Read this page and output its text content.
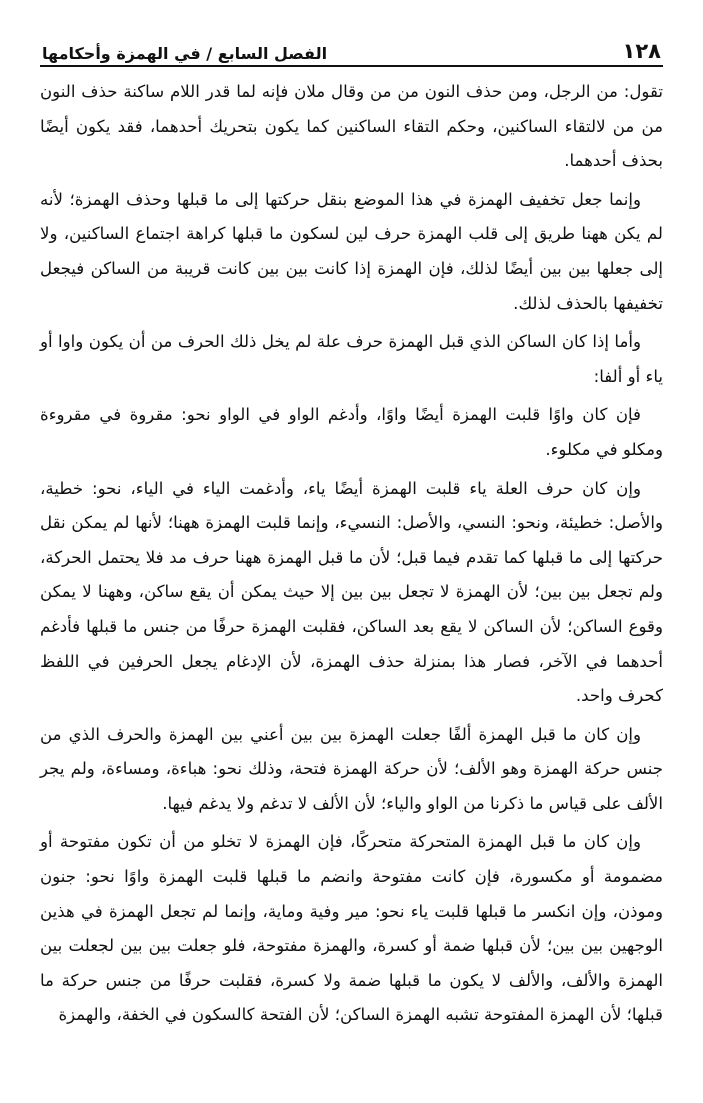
١٢٨
الفصل السابع / في الهمزة وأحكامها

تقول: من الرجل، ومن حذف النون من من وقال ملان فإنه لما قدر اللام ساكنة حذف النون من من لالتقاء الساكنين، وحكم التقاء الساكنين كما يكون بتحريك أحدهما، فقد يكون أيضًا بحذف أحدهما.

وإنما جعل تخفيف الهمزة في هذا الموضع بنقل حركتها إلى ما قبلها وحذف الهمزة؛ لأنه لم يكن ههنا طريق إلى قلب الهمزة حرف لين لسكون ما قبلها كراهة اجتماع الساكنين، ولا إلى جعلها بين بين أيضًا لذلك، فإن الهمزة إذا كانت بين بين كانت قريبة من الساكن فيجعل تخفيفها بالحذف لذلك.

وأما إذا كان الساكن الذي قبل الهمزة حرف علة لم يخل ذلك الحرف من أن يكون واوا أو ياء أو ألفا:

فإن كان واوًا قلبت الهمزة أيضًا واوًا، وأدغم الواو في الواو نحو: مقروة في مقروءة ومكلو في مكلوء.

وإن كان حرف العلة ياء قلبت الهمزة أيضًا ياء، وأدغمت الياء في الياء، نحو: خطية، والأصل: خطيئة، ونحو: النسي، والأصل: النسيء، وإنما قلبت الهمزة ههنا؛ لأنها لم يمكن نقل حركتها إلى ما قبلها كما تقدم فيما قبل؛ لأن ما قبل الهمزة ههنا حرف مد فلا يحتمل الحركة، ولم تجعل بين بين؛ لأن الهمزة لا تجعل بين بين إلا حيث يمكن أن يقع ساكن، وههنا لا يمكن وقوع الساكن؛ لأن الساكن لا يقع بعد الساكن، فقلبت الهمزة حرفًا من جنس ما قبلها فأدغم أحدهما في الآخر، فصار هذا بمنزلة حذف الهمزة، لأن الإدغام يجعل الحرفين في اللفظ كحرف واحد.

وإن كان ما قبل الهمزة ألفًا جعلت الهمزة بين بين أعني بين الهمزة والحرف الذي من جنس حركة الهمزة وهو الألف؛ لأن حركة الهمزة فتحة، وذلك نحو: هباءة، ومساءة، ولم يجر الألف على قياس ما ذكرنا من الواو والياء؛ لأن الألف لا تدغم ولا يدغم فيها.

وإن كان ما قبل الهمزة المتحركة متحركًا، فإن الهمزة لا تخلو من أن تكون مفتوحة أو مضمومة أو مكسورة، فإن كانت مفتوحة وانضم ما قبلها قلبت الهمزة واوًا نحو: جنون وموذن، وإن انكسر ما قبلها قلبت ياء نحو: مير وفية وماية، وإنما لم تجعل الهمزة في هذين الوجهين بين بين؛ لأن قبلها ضمة أو كسرة، والهمزة مفتوحة، فلو جعلت بين بين لجعلت بين الهمزة والألف، والألف لا يكون ما قبلها ضمة ولا كسرة، فقلبت حرفًا من جنس حركة ما قبلها؛ لأن الهمزة المفتوحة تشبه الهمزة الساكن؛ لأن الفتحة كالسكون في الخفة، والهمزة
